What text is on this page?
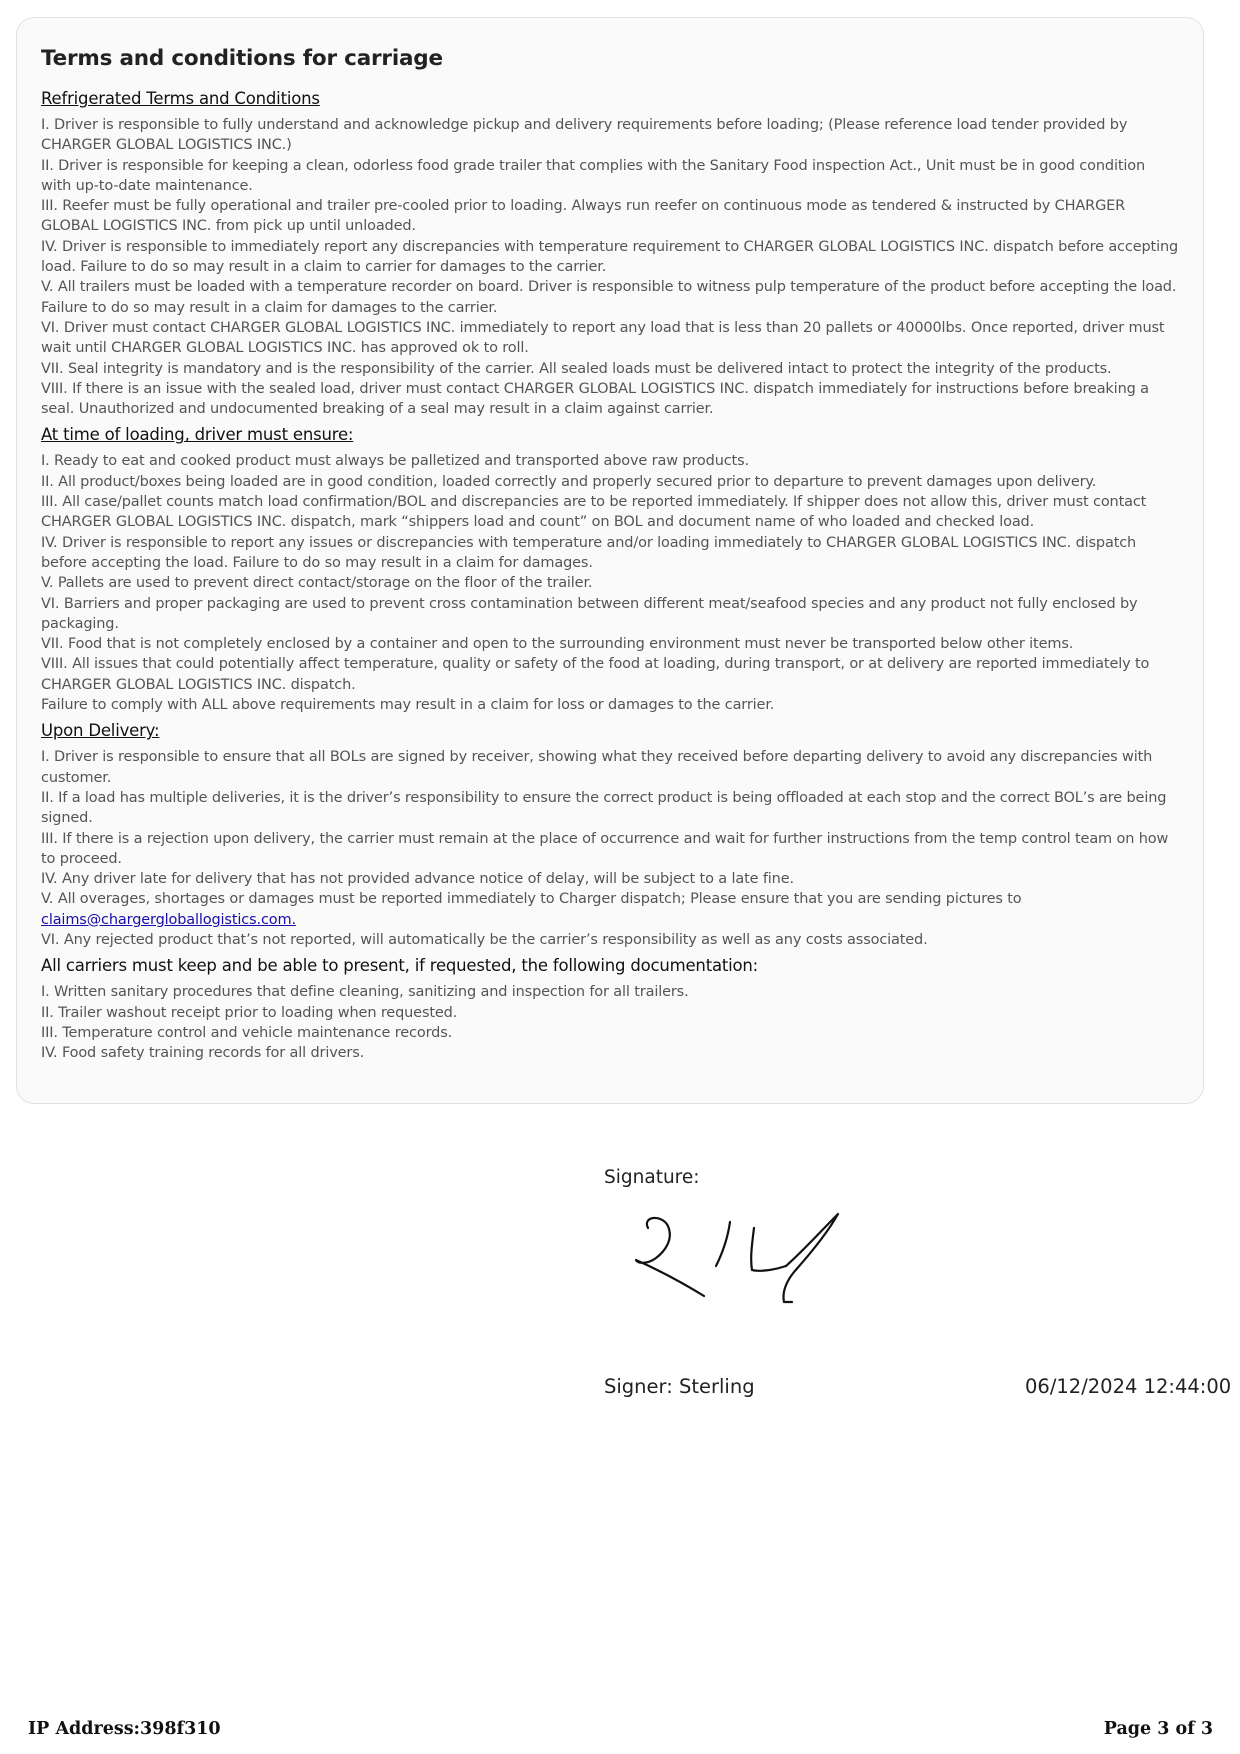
Terms and conditions for carriage
Refrigerated Terms and Conditions

I. Driver is responsible to fully understand and acknowledge pickup and delivery requirements before loading; (Please reference load tender provided by CHARGER GLOBAL LOGISTICS INC.)

II. Driver is responsible for keeping a clean, odorless food grade trailer that complies with the Sanitary Food inspection Act., Unit must be in good condition with up-to-date maintenance.

III. Reefer must be fully operational and trailer pre-cooled prior to loading. Always run reefer on continuous mode as tendered & instructed by CHARGER GLOBAL LOGISTICS INC. from pick up until unloaded.

IV. Driver is responsible to immediately report any discrepancies with temperature requirement to CHARGER GLOBAL LOGISTICS INC. dispatch before accepting load. Failure to do so may result in a claim to carrier for damages to the carrier.

V. All trailers must be loaded with a temperature recorder on board. Driver is responsible to witness pulp temperature of the product before accepting the load. Failure to do so may result in a claim for damages to the carrier.

VI. Driver must contact CHARGER GLOBAL LOGISTICS INC. immediately to report any load that is less than 20 pallets or 40000lbs. Once reported, driver must wait until CHARGER GLOBAL LOGISTICS INC. has approved ok to roll.

VII. Seal integrity is mandatory and is the responsibility of the carrier. All sealed loads must be delivered intact to protect the integrity of the products.

VIII. If there is an issue with the sealed load, driver must contact CHARGER GLOBAL LOGISTICS INC. dispatch immediately for instructions before breaking a seal. Unauthorized and undocumented breaking of a seal may result in a claim against carrier.

At time of loading, driver must ensure:

I. Ready to eat and cooked product must always be palletized and transported above raw products.

II. All product/boxes being loaded are in good condition, loaded correctly and properly secured prior to departure to prevent damages upon delivery.

III. All case/pallet counts match load confirmation/BOL and discrepancies are to be reported immediately. If shipper does not allow this, driver must contact CHARGER GLOBAL LOGISTICS INC. dispatch, mark “shippers load and count” on BOL and document name of who loaded and checked load.

IV. Driver is responsible to report any issues or discrepancies with temperature and/or loading immediately to CHARGER GLOBAL LOGISTICS INC. dispatch before accepting the load. Failure to do so may result in a claim for damages.

V. Pallets are used to prevent direct contact/storage on the floor of the trailer.

VI. Barriers and proper packaging are used to prevent cross contamination between different meat/seafood species and any product not fully enclosed by packaging.

VII. Food that is not completely enclosed by a container and open to the surrounding environment must never be transported below other items.

VIII. All issues that could potentially affect temperature, quality or safety of the food at loading, during transport, or at delivery are reported immediately to CHARGER GLOBAL LOGISTICS INC. dispatch.

Failure to comply with ALL above requirements may result in a claim for loss or damages to the carrier.

Upon Delivery:

I. Driver is responsible to ensure that all BOLs are signed by receiver, showing what they received before departing delivery to avoid any discrepancies with customer.

II. If a load has multiple deliveries, it is the driver’s responsibility to ensure the correct product is being offloaded at each stop and the correct BOL’s are being signed.

III. If there is a rejection upon delivery, the carrier must remain at the place of occurrence and wait for further instructions from the temp control team on how to proceed.

IV. Any driver late for delivery that has not provided advance notice of delay, will be subject to a late fine.

V. All overages, shortages or damages must be reported immediately to Charger dispatch; Please ensure that you are sending pictures to claims@chargergloballogistics.com.

VI. Any rejected product that’s not reported, will automatically be the carrier’s responsibility as well as any costs associated.

All carriers must keep and be able to present, if requested, the following documentation:

I. Written sanitary procedures that define cleaning, sanitizing and inspection for all trailers.

II. Trailer washout receipt prior to loading when requested.

III. Temperature control and vehicle maintenance records.

IV. Food safety training records for all drivers.

Signature:
Signer: Sterling	06/12/2024 12:44:00
IP Address:398f310	Page 3 of 3
